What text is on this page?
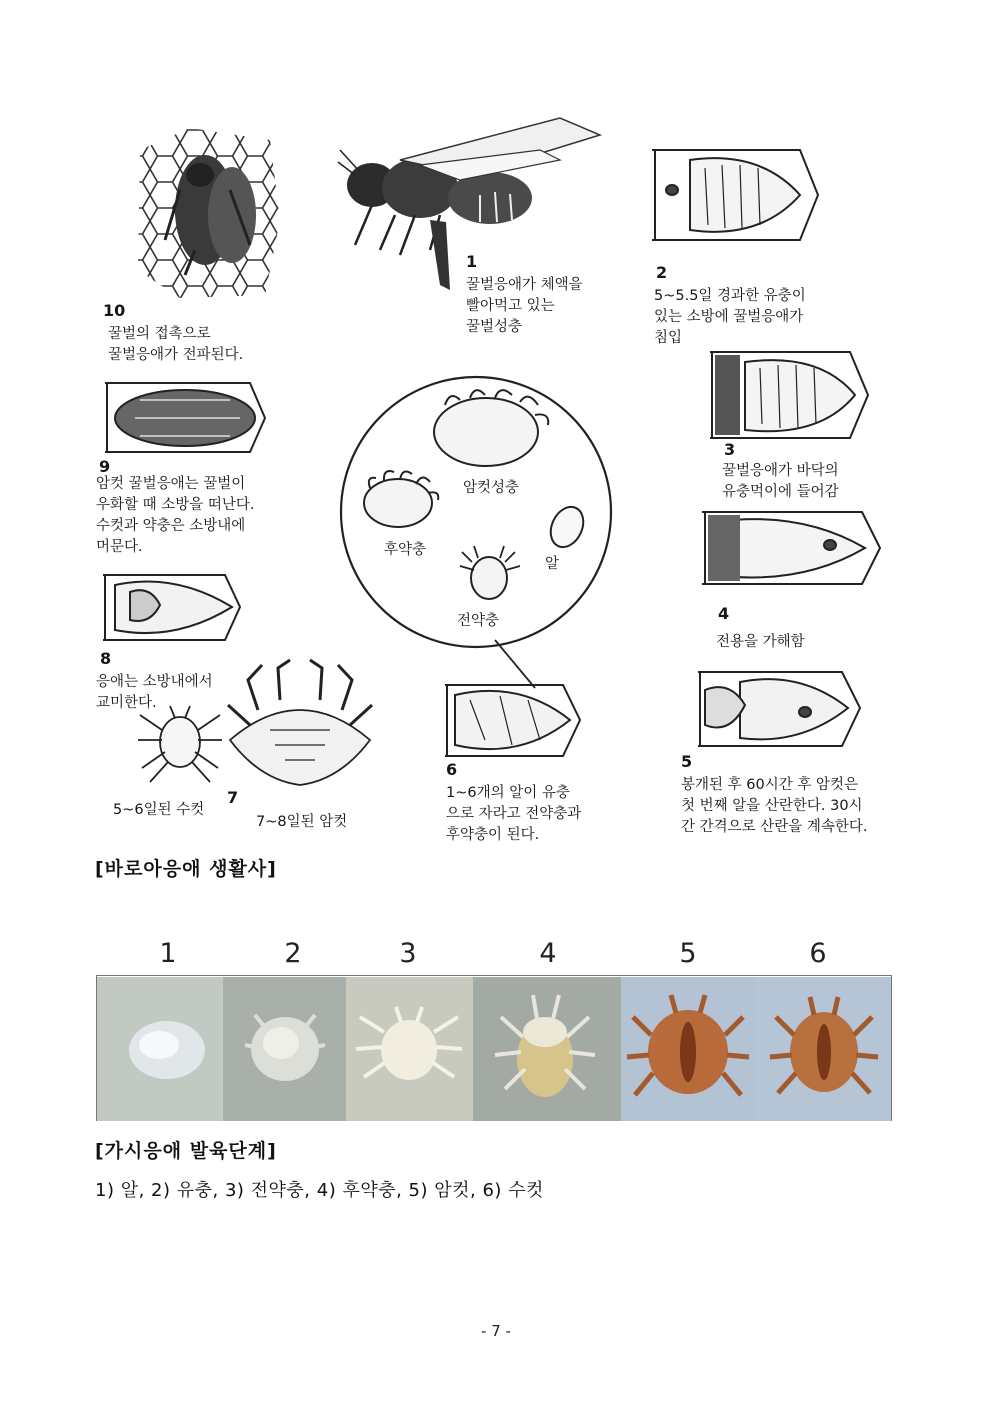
1
꿀벌응애가 체액을
빨아먹고 있는
꿀벌성충
2
5~5.5일 경과한 유충이
있는 소방에 꿀벌응애가
침입
3
꿀벌응애가 바닥의
유충먹이에 들어감
4
전용을 가해함
5
봉개된 후 60시간 후 암컷은
첫 번째 알을 산란한다. 30시
간 간격으로 산란을 계속한다.
6
1~6개의 알이 유충
으로 자라고 전약충과
후약충이 된다.
7
5~6일된 수컷
7~8일된 암컷
8
응애는 소방내에서
교미한다.
9
암컷 꿀벌응애는 꿀벌이
우화할 때 소방을 떠난다.
수컷과 약충은 소방내에
머문다.
10
꿀벌의 접촉으로
꿀벌응애가 전파된다.
암컷성충
후약충
알
전약충
[바로아응애 생활사]
1	2	3	4	5	6
[가시응애 발육단계]
1) 알, 2) 유충, 3) 전약충, 4) 후약충, 5) 암컷, 6) 수컷
- 7 -
